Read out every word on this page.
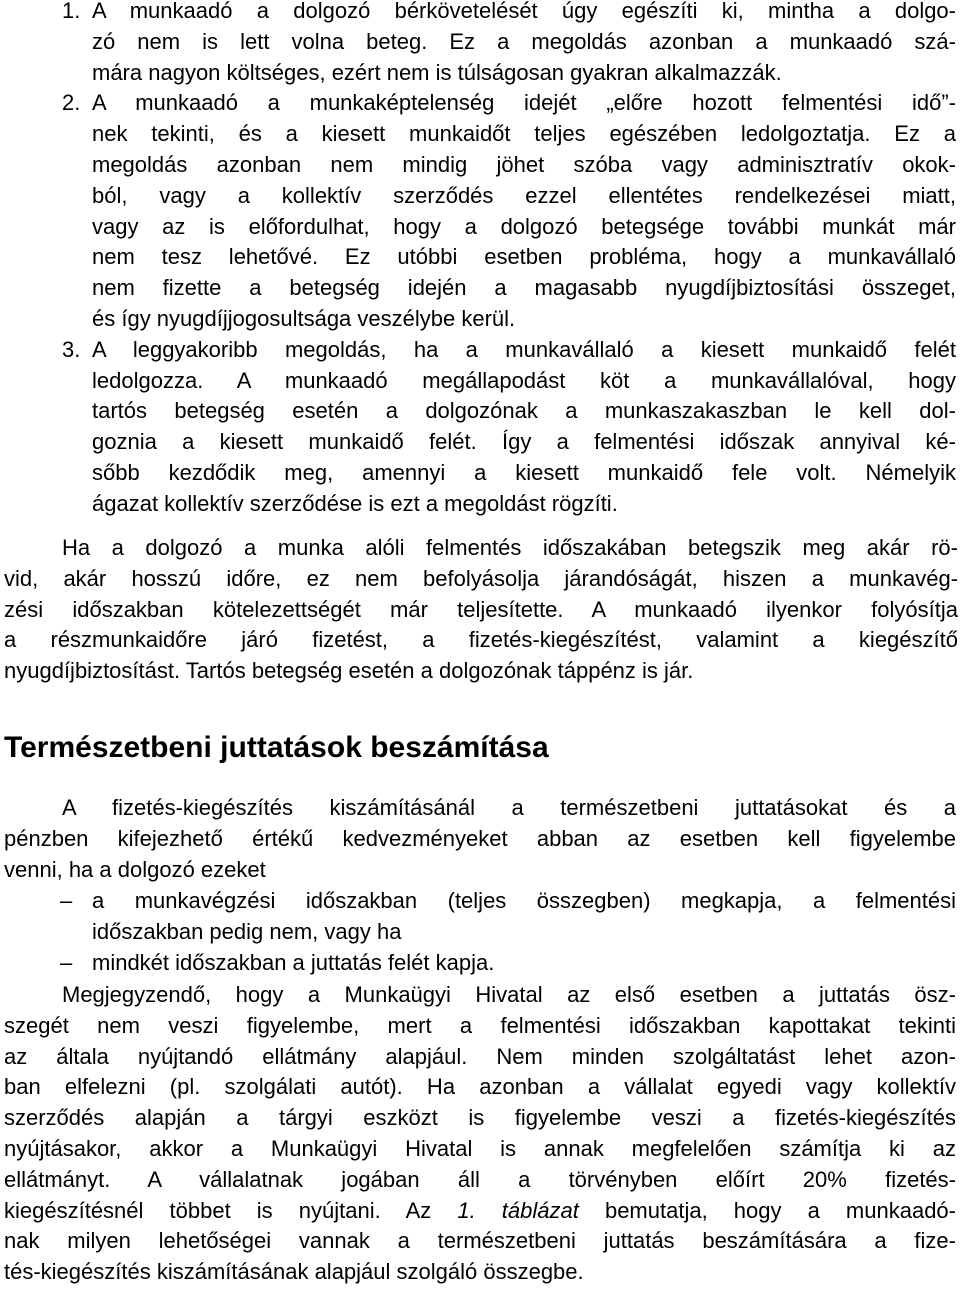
1. A munkaadó a dolgozó bérkövetelését úgy egészíti ki, mintha a dolgo-
zó nem is lett volna beteg. Ez a megoldás azonban a munkaadó szá-
mára nagyon költséges, ezért nem is túlságosan gyakran alkalmazzák.
2. A munkaadó a munkaképtelenség idejét „előre hozott felmentési idő”-
nek tekinti, és a kiesett munkaidőt teljes egészében ledolgoztatja. Ez a
megoldás azonban nem mindig jöhet szóba vagy adminisztratív okok-
ból, vagy a kollektív szerződés ezzel ellentétes rendelkezései miatt,
vagy az is előfordulhat, hogy a dolgozó betegsége további munkát már
nem tesz lehetővé. Ez utóbbi esetben probléma, hogy a munkavállaló
nem fizette a betegség idején a magasabb nyugdíjbiztosítási összeget,
és így nyugdíjjogosultsága veszélybe kerül.
3. A leggyakoribb megoldás, ha a munkavállaló a kiesett munkaidő felét
ledolgozza. A munkaadó megállapodást köt a munkavállalóval, hogy
tartós betegség esetén a dolgozónak a munkaszakaszban le kell dol-
goznia a kiesett munkaidő felét. Így a felmentési időszak annyival ké-
sőbb kezdődik meg, amennyi a kiesett munkaidő fele volt. Némelyik
ágazat kollektív szerződése is ezt a megoldást rögzíti.
Ha a dolgozó a munka alóli felmentés időszakában betegszik meg akár rö-
vid, akár hosszú időre, ez nem befolyásolja járandóságát, hiszen a munkavég-
zési időszakban kötelezettségét már teljesítette. A munkaadó ilyenkor folyósítja
a részmunkaidőre járó fizetést, a fizetés-kiegészítést, valamint a kiegészítő
nyugdíjbiztosítást. Tartós betegség esetén a dolgozónak táppénz is jár.
Természetbeni juttatások beszámítása
A fizetés-kiegészítés kiszámításánál a természetbeni juttatásokat és a
pénzben kifejezhető értékű kedvezményeket abban az esetben kell figyelembe
venni, ha a dolgozó ezeket
– a munkavégzési időszakban (teljes összegben) megkapja, a felmentési
időszakban pedig nem, vagy ha
– mindkét időszakban a juttatás felét kapja.
Megjegyzendő, hogy a Munkaügyi Hivatal az első esetben a juttatás ösz-
szegét nem veszi figyelembe, mert a felmentési időszakban kapottakat tekinti
az általa nyújtandó ellátmány alapjául. Nem minden szolgáltatást lehet azon-
ban elfelezni (pl. szolgálati autót). Ha azonban a vállalat egyedi vagy kollektív
szerződés alapján a tárgyi eszközt is figyelembe veszi a fizetés-kiegészítés
nyújtásakor, akkor a Munkaügyi Hivatal is annak megfelelően számítja ki az
ellátmányt. A vállalatnak jogában áll a törvényben előírt 20% fizetés-
kiegészítésnél többet is nyújtani. Az 1. táblázat bemutatja, hogy a munkaadó-
nak milyen lehetőségei vannak a természetbeni juttatás beszámítására a fize-
tés-kiegészítés kiszámításának alapjául szolgáló összegbe.
